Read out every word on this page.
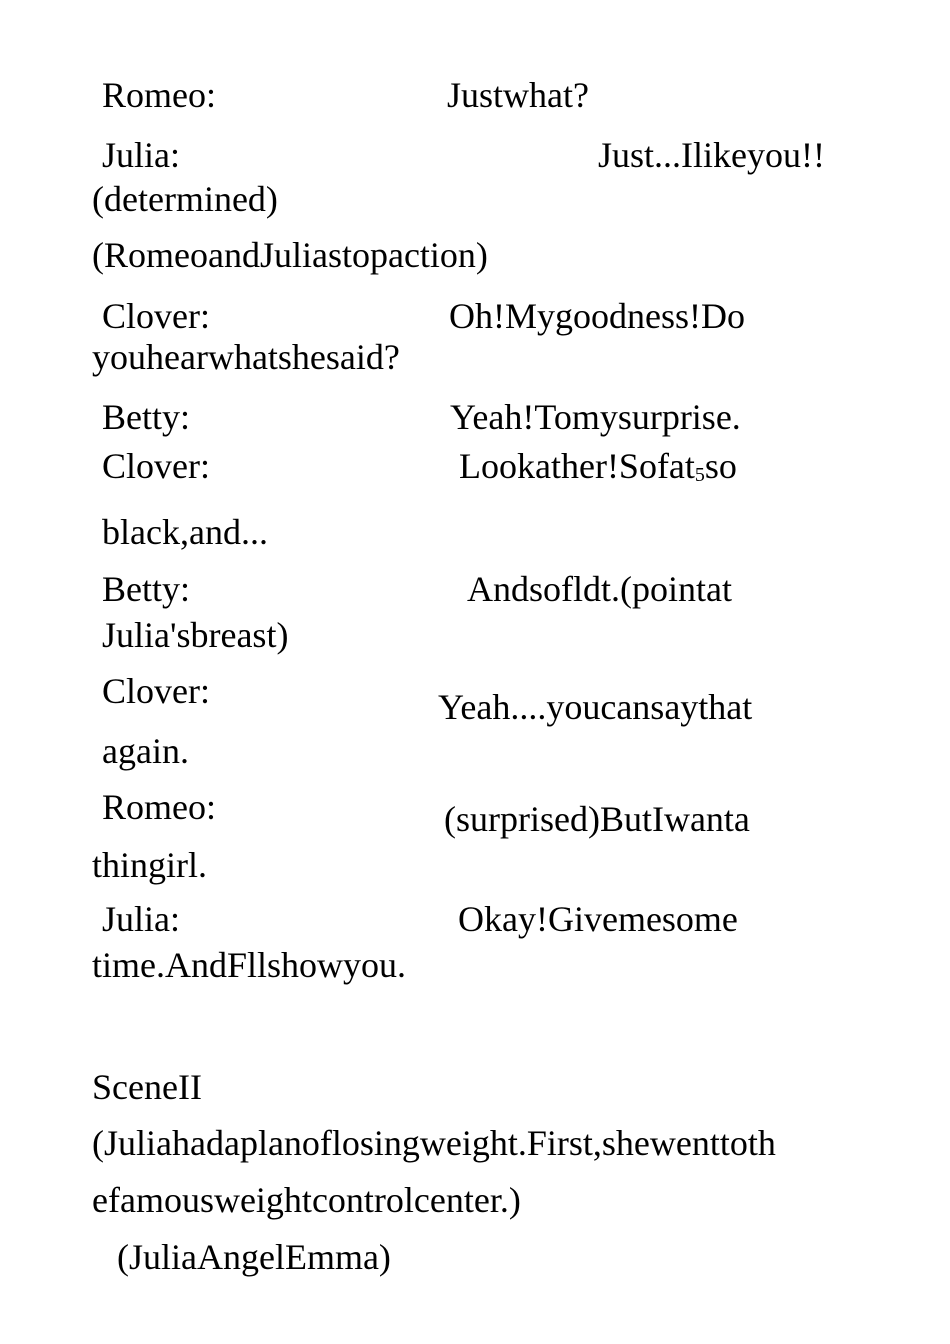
Romeo:	Justwhat?
Julia:	Just...Ilikeyou!!
(determined)
(RomeoandJuliastopaction)
Clover:	Oh!Mygoodness!Do
youhearwhatshesaid?
Betty:	Yeah!Tomysurprise.
Clover:	Lookather!Sofat5so
black,and...
Betty:	Andsofldt.(pointat
Julia'sbreast)
Clover:	Yeah....youcansaythat
again.
Romeo:	(surprised)ButIwanta
thingirl.
Julia:	Okay!Givemesome
time.AndFllshowyou.
SceneII
(Juliahadaplanoflosingweight.First,shewenttoth
efamousweightcontrolcenter.)
(JuliaAngelEmma)
